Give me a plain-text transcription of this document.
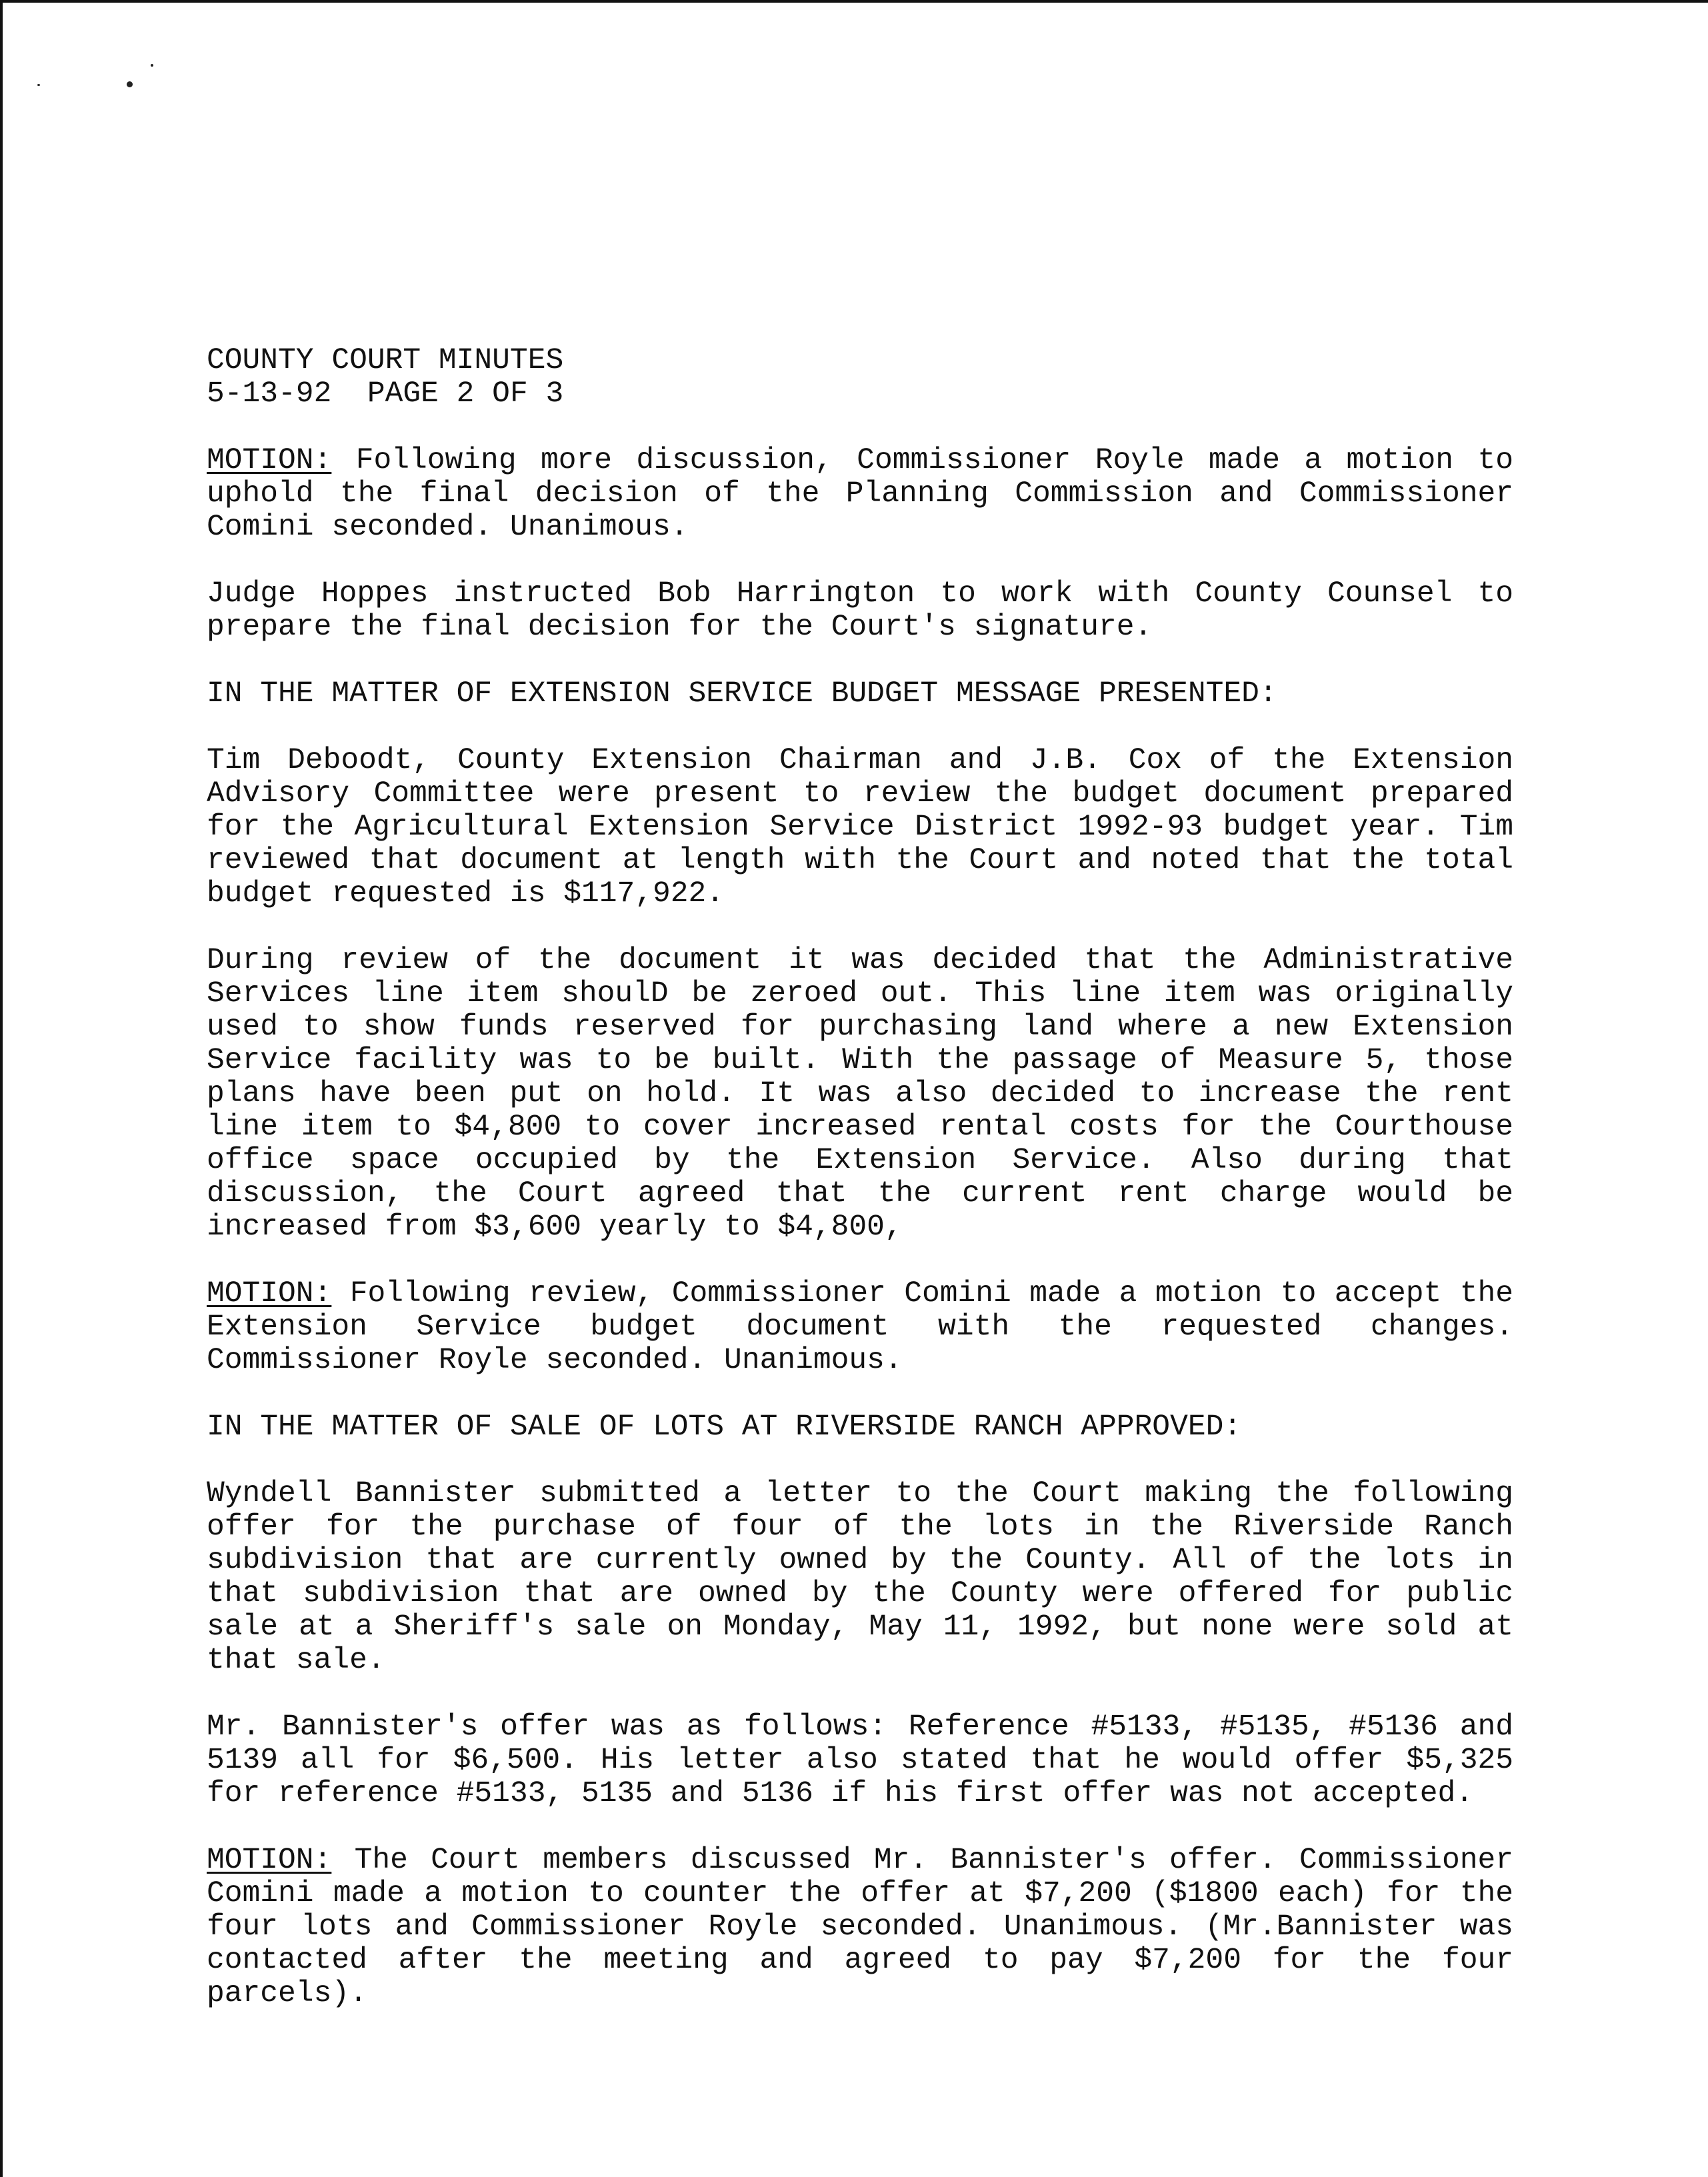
COUNTY COURT MINUTES
5-13-92 PAGE 2 OF 3

MOTION: Following more discussion, Commissioner Royle made a motion to uphold the final decision of the Planning Commission and Commissioner Comini seconded. Unanimous.

Judge Hoppes instructed Bob Harrington to work with County Counsel to prepare the final decision for the Court's signature.

IN THE MATTER OF EXTENSION SERVICE BUDGET MESSAGE PRESENTED:

Tim Deboodt, County Extension Chairman and J.B. Cox of the Extension Advisory Committee were present to review the budget document prepared for the Agricultural Extension Service District 1992-93 budget year. Tim reviewed that document at length with the Court and noted that the total budget requested is $117,922.

During review of the document it was decided that the Administrative Services line item shoulD be zeroed out. This line item was originally used to show funds reserved for purchasing land where a new Extension Service facility was to be built. With the passage of Measure 5, those plans have been put on hold. It was also decided to increase the rent line item to $4,800 to cover increased rental costs for the Courthouse office space occupied by the Extension Service. Also during that discussion, the Court agreed that the current rent charge would be increased from $3,600 yearly to $4,800,

MOTION: Following review, Commissioner Comini made a motion to accept the Extension Service budget document with the requested changes. Commissioner Royle seconded. Unanimous.

IN THE MATTER OF SALE OF LOTS AT RIVERSIDE RANCH APPROVED:

Wyndell Bannister submitted a letter to the Court making the following offer for the purchase of four of the lots in the Riverside Ranch subdivision that are currently owned by the County. All of the lots in that subdivision that are owned by the County were offered for public sale at a Sheriff's sale on Monday, May 11, 1992, but none were sold at that sale.

Mr. Bannister's offer was as follows: Reference #5133, #5135, #5136 and 5139 all for $6,500. His letter also stated that he would offer $5,325 for reference #5133, 5135 and 5136 if his first offer was not accepted.

MOTION: The Court members discussed Mr. Bannister's offer. Commissioner Comini made a motion to counter the offer at $7,200 ($1800 each) for the four lots and Commissioner Royle seconded. Unanimous. (Mr.Bannister was contacted after the meeting and agreed to pay $7,200 for the four parcels).
